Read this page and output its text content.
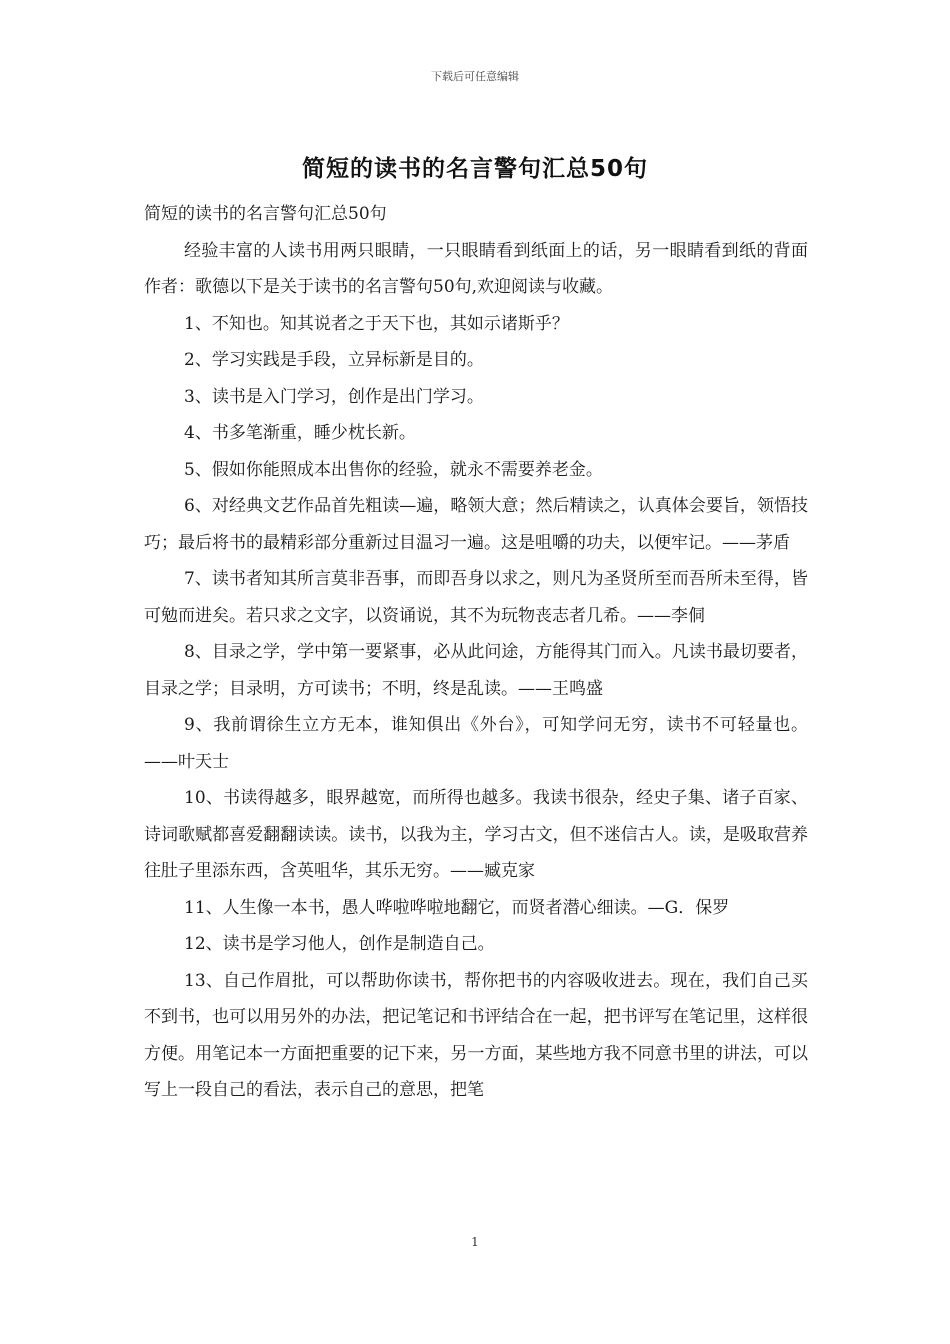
下载后可任意编辑
简短的读书的名言警句汇总50句

简短的读书的名言警句汇总50句

经验丰富的人读书用两只眼睛，一只眼睛看到纸面上的话，另一眼睛看到纸的背面作者：歌德以下是关于读书的名言警句50句,欢迎阅读与收藏。

1、不知也。知其说者之于天下也，其如示诸斯乎？

2、学习实践是手段，立异标新是目的。

3、读书是入门学习，创作是出门学习。

4、书多笔渐重，睡少枕长新。

5、假如你能照成本出售你的经验，就永不需要养老金。

6、对经典文艺作品首先粗读—遍，略领大意；然后精读之，认真体会要旨，领悟技巧；最后将书的最精彩部分重新过目温习一遍。这是咀嚼的功夫，以便牢记。——茅盾

7、读书者知其所言莫非吾事，而即吾身以求之，则凡为圣贤所至而吾所未至得，皆可勉而进矣。若只求之文字，以资诵说，其不为玩物丧志者几希。——李侗

8、目录之学，学中第一要紧事，必从此问途，方能得其门而入。凡读书最切要者，目录之学；目录明，方可读书；不明，终是乱读。——王鸣盛

9、我前谓徐生立方无本，谁知俱出《外台》，可知学问无穷，读书不可轻量也。——叶天士

10、书读得越多，眼界越宽，而所得也越多。我读书很杂，经史子集、诸子百家、诗词歌赋都喜爱翻翻读读。读书，以我为主，学习古文，但不迷信古人。读，是吸取营养往肚子里添东西，含英咀华，其乐无穷。——臧克家

11、人生像一本书，愚人哗啦哗啦地翻它，而贤者潜心细读。—G．保罗

12、读书是学习他人，创作是制造自己。

13、自己作眉批，可以帮助你读书，帮你把书的内容吸收进去。现在，我们自己买不到书，也可以用另外的办法，把记笔记和书评结合在一起，把书评写在笔记里，这样很方便。用笔记本一方面把重要的记下来，另一方面，某些地方我不同意书里的讲法，可以写上一段自己的看法，表示自己的意思，把笔

1
